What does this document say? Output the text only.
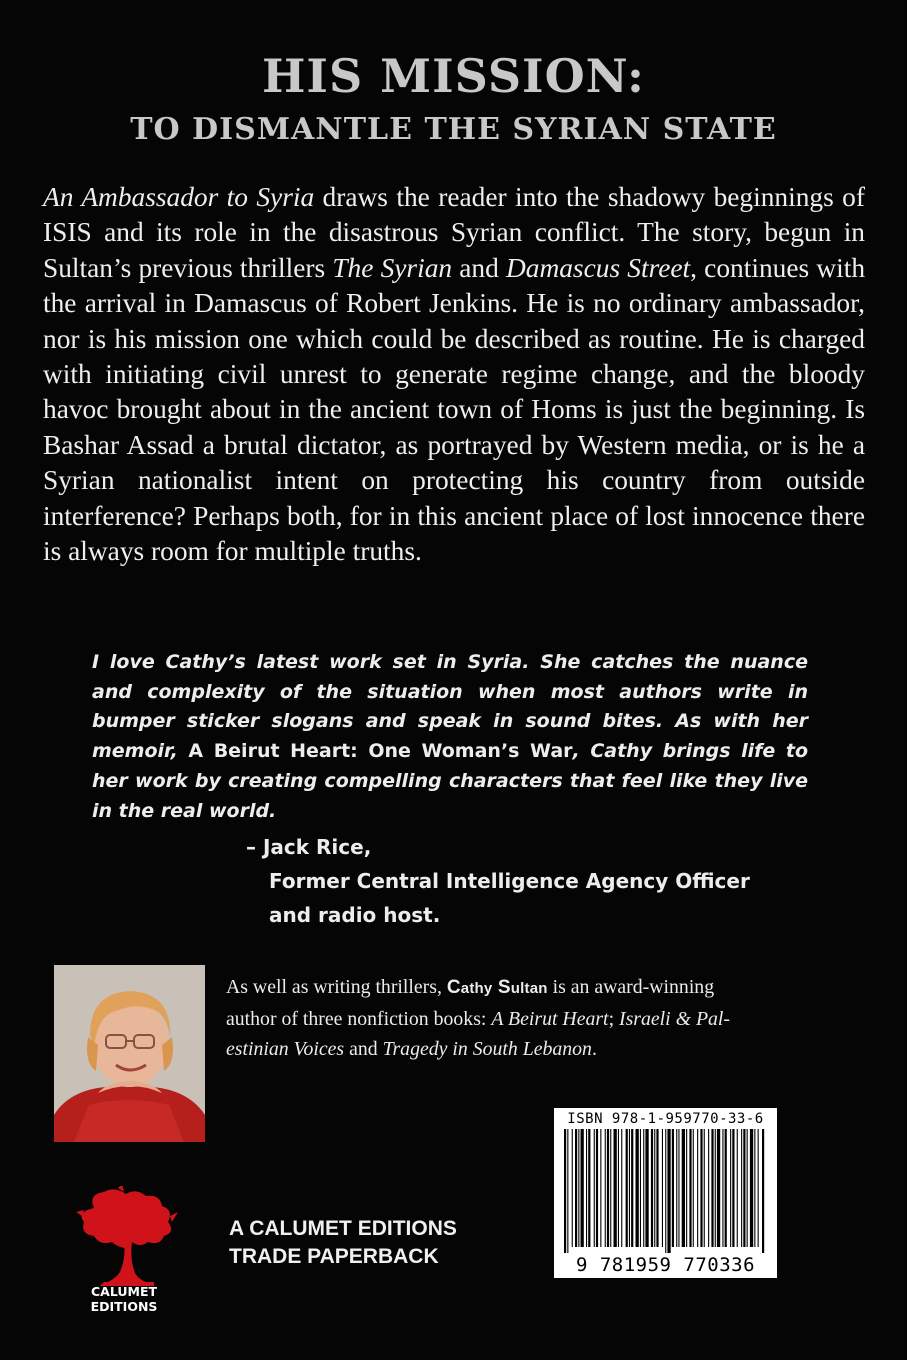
HIS MISSION:
TO DISMANTLE THE SYRIAN STATE

An Ambassador to Syria draws the reader into the shadowy beginnings of ISIS and its role in the disastrous Syrian conflict. The story, begun in Sultan’s previous thrillers The Syrian and Damascus Street, continues with the arrival in Damascus of Robert Jenkins. He is no ordinary ambassador, nor is his mission one which could be described as routine. He is charged with initiating civil unrest to generate regime change, and the bloody havoc brought about in the ancient town of Homs is just the beginning. Is Bashar Assad a brutal dictator, as portrayed by Western media, or is he a Syrian nationalist intent on protecting his country from outside interference? Perhaps both, for in this ancient place of lost innocence there is always room for multiple truths.

I love Cathy’s latest work set in Syria. She catches the nuance and complexity of the situation when most authors write in bumper sticker slogans and speak in sound bites. As with her memoir, A Beirut Heart: One Woman’s War, Cathy brings life to her work by creating compelling characters that feel like they live in the real world.

– Jack Rice,
Former Central Intelligence Agency Officer
and radio host.

As well as writing thrillers, Cathy Sultan is an award-winning author of three nonfiction books: A Beirut Heart; Israeli & Pal-estinian Voices and Tragedy in South Lebanon.

ISBN 978-1-959770-33-6
9 781959 770336
CALUMET
EDITIONS
A CALUMET EDITIONS
TRADE PAPERBACK
